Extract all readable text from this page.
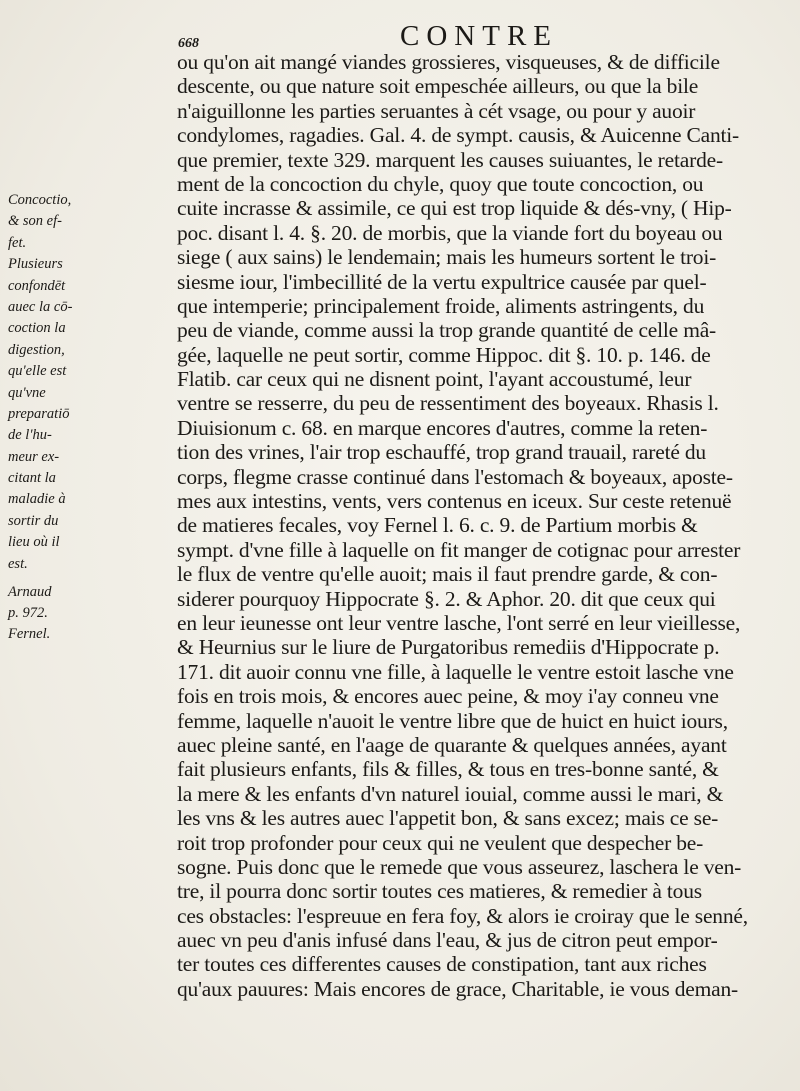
668	CONTRE
Concoctio,
& son ef-
fet.
Plusieurs
confondēt
auec la cō-
coction la
digestion,
qu'elle est
qu'vne
preparatiō
de l'hu-
meur ex-
citant la
maladie à
sortir du
lieu où il
est.
Arnaud
p. 972.
Fernel.
ou qu'on ait mangé viandes grossieres, visqueuses, & de difficile
descente, ou que nature soit empeschée ailleurs, ou que la bile
n'aiguillonne les parties seruantes à cét vsage, ou pour y auoir
condylomes, ragadies. Gal. 4. de sympt. causis, & Auicenne Canti-
que premier, texte 329. marquent les causes suiuantes, le retarde-
ment de la concoction du chyle, quoy que toute concoction, ou
cuite incrasse & assimile, ce qui est trop liquide & dés-vny, ( Hip-
poc. disant l. 4. §. 20. de morbis, que la viande fort du boyeau ou
siege ( aux sains) le lendemain; mais les humeurs sortent le troi-
siesme iour, l'imbecillité de la vertu expultrice causée par quel-
que intemperie; principalement froide, aliments astringents, du
peu de viande, comme aussi la trop grande quantité de celle mâ-
gée, laquelle ne peut sortir, comme Hippoc. dit §. 10. p. 146. de
Flatib. car ceux qui ne disnent point, l'ayant accoustumé, leur
ventre se resserre, du peu de ressentiment des boyeaux. Rhasis l.
Diuisionum c. 68. en marque encores d'autres, comme la reten-
tion des vrines, l'air trop eschauffé, trop grand trauail, rareté du
corps, flegme crasse continué dans l'estomach & boyeaux, aposte-
mes aux intestins, vents, vers contenus en iceux. Sur ceste retenuë
de matieres fecales, voy Fernel l. 6. c. 9. de Partium morbis &
sympt. d'vne fille à laquelle on fit manger de cotignac pour arrester
le flux de ventre qu'elle auoit; mais il faut prendre garde, & con-
siderer pourquoy Hippocrate §. 2. & Aphor. 20. dit que ceux qui
en leur ieunesse ont leur ventre lasche, l'ont serré en leur vieillesse,
& Heurnius sur le liure de Purgatoribus remediis d'Hippocrate p.
171. dit auoir connu vne fille, à laquelle le ventre estoit lasche vne
fois en trois mois, & encores auec peine, & moy i'ay conneu vne
femme, laquelle n'auoit le ventre libre que de huict en huict iours,
auec pleine santé, en l'aage de quarante & quelques années, ayant
fait plusieurs enfants, fils & filles, & tous en tres-bonne santé, &
la mere & les enfants d'vn naturel iouial, comme aussi le mari, &
les vns & les autres auec l'appetit bon, & sans excez; mais ce se-
roit trop profonder pour ceux qui ne veulent que despecher be-
sogne. Puis donc que le remede que vous asseurez, laschera le ven-
tre, il pourra donc sortir toutes ces matieres, & remedier à tous
ces obstacles: l'espreuue en fera foy, & alors ie croiray que le senné,
auec vn peu d'anis infusé dans l'eau, & jus de citron peut empor-
ter toutes ces differentes causes de constipation, tant aux riches
qu'aux pauures: Mais encores de grace, Charitable, ie vous deman-
